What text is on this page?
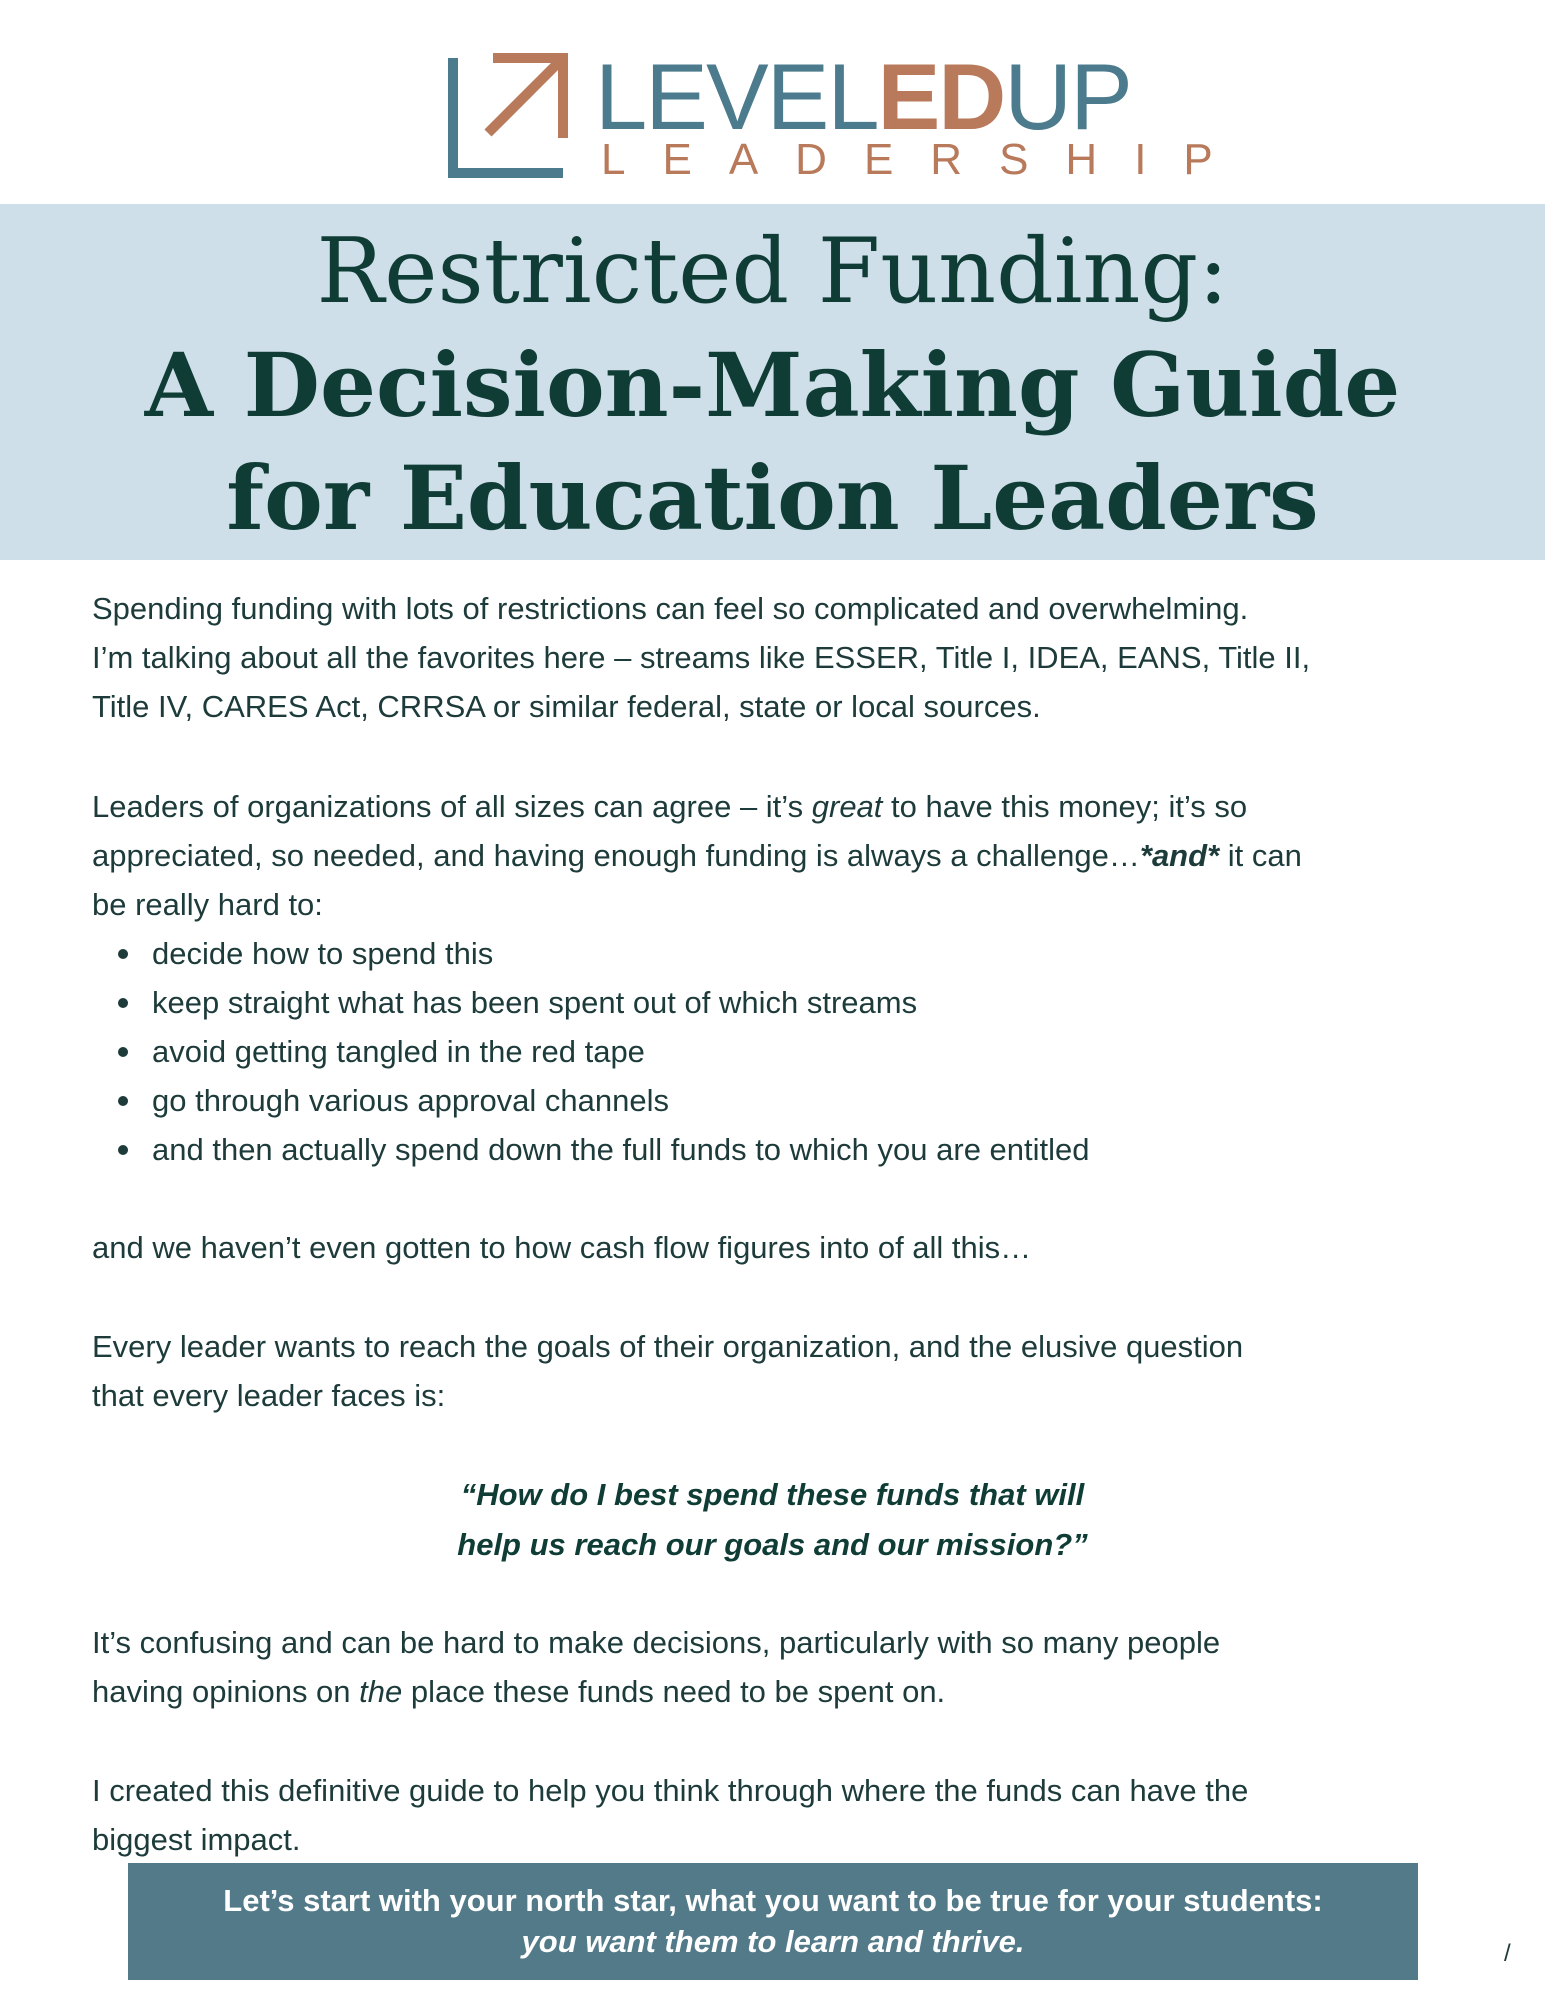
LEVELEDUP
LEADERSHIP
Restricted Funding:
A Decision-Making Guide
for Education Leaders

Spending funding with lots of restrictions can feel so complicated and overwhelming.

I’m talking about all the favorites here – streams like ESSER, Title I, IDEA, EANS, Title II,

Title IV, CARES Act, CRRSA or similar federal, state or local sources.

Leaders of organizations of all sizes can agree – it’s great to have this money; it’s so

appreciated, so needed, and having enough funding is always a challenge…*and* it can

be really hard to:

decide how to spend this
keep straight what has been spent out of which streams
avoid getting tangled in the red tape
go through various approval channels
and then actually spend down the full funds to which you are entitled

and we haven’t even gotten to how cash flow figures into of all this…

Every leader wants to reach the goals of their organization, and the elusive question

that every leader faces is:

“How do I best spend these funds that will
help us reach our goals and our mission?”

It’s confusing and can be hard to make decisions, particularly with so many people

having opinions on the place these funds need to be spent on.

I created this definitive guide to help you think through where the funds can have the

biggest impact.

Let’s start with your north star, what you want to be true for your students:
you want them to learn and thrive.	/
